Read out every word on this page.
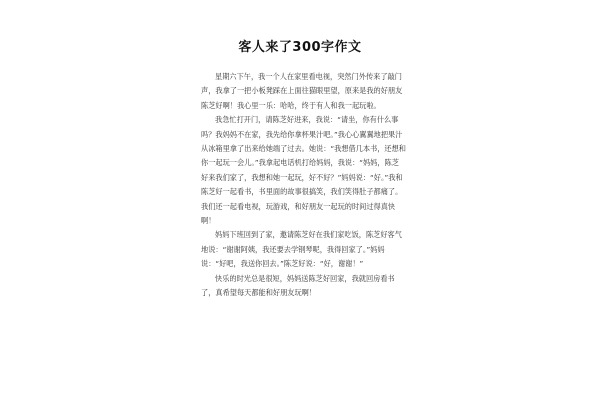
客人来了300字作文

星期六下午，我一个人在家里看电视，突然门外传来了敲门声，我拿了一把小板凳踩在上面往猫眼里望，原来是我的好朋友陈芝好啊！我心里一乐：哈哈，终于有人和我一起玩啦。

我急忙打开门，请陈芝好进来，我说：“请坐，你有什么事吗？我妈妈不在家，我先给你拿杯果汁吧。”我心心翼翼地把果汁从冰箱里拿了出来给她端了过去。她说：“我想借几本书，还想和你一起玩一会儿。”我拿起电话机打给妈妈，我说：“妈妈，陈芝好来我们家了，我想和她一起玩，好不好？”妈妈说：“好。”我和陈芝好一起看书，书里面的故事很搞笑，我们笑得肚子都痛了。我们还一起看电视，玩游戏，和好朋友一起玩的时间过得真快啊！

妈妈下班回到了家，邀请陈芝好在我们家吃饭，陈芝好客气地说：“谢谢阿姨，我还要去学钢琴呢，我得回家了。”妈妈说：“好吧，我送你回去。”陈芝好说：“好，谢谢！”

快乐的时光总是很短，妈妈送陈芝好回家，我就回房看书了，真希望每天都能和好朋友玩啊！
